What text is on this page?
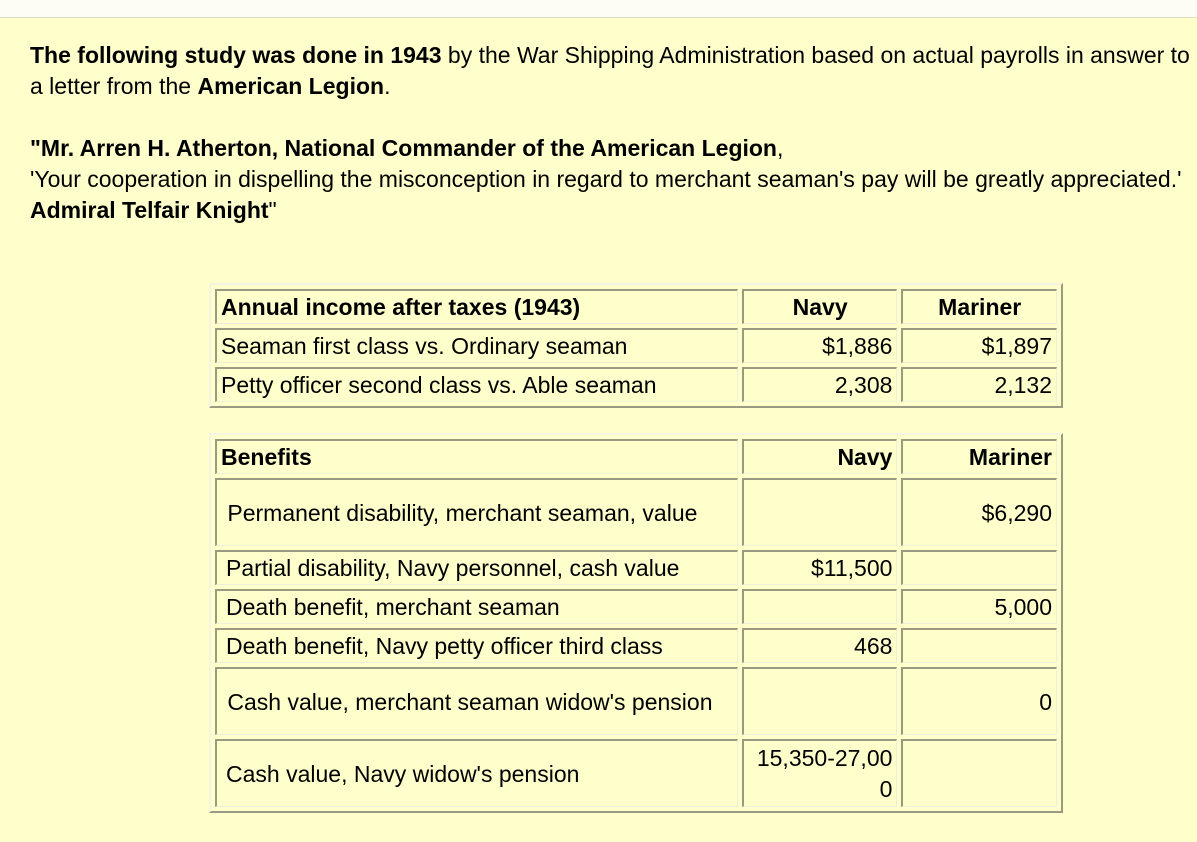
The following study was done in 1943 by the War Shipping Administration based on actual payrolls in answer to a letter from the American Legion.

"Mr. Arren H. Atherton, National Commander of the American Legion,
'Your cooperation in dispelling the misconception in regard to merchant seaman's pay will be greatly appreciated.'
Admiral Telfair Knight"

Annual income after taxes (1943)	Navy	Mariner
Seaman first class vs. Ordinary seaman	$1,886	$1,897
Petty officer second class vs. Able seaman	2,308	2,132
Benefits	Navy	Mariner
Permanent disability, merchant seaman, value		$6,290
Partial disability, Navy personnel, cash value	$11,500	
Death benefit, merchant seaman		5,000
Death benefit, Navy petty officer third class	468	
Cash value, merchant seaman widow's pension		0
Cash value, Navy widow's pension	15,350-27,000	
